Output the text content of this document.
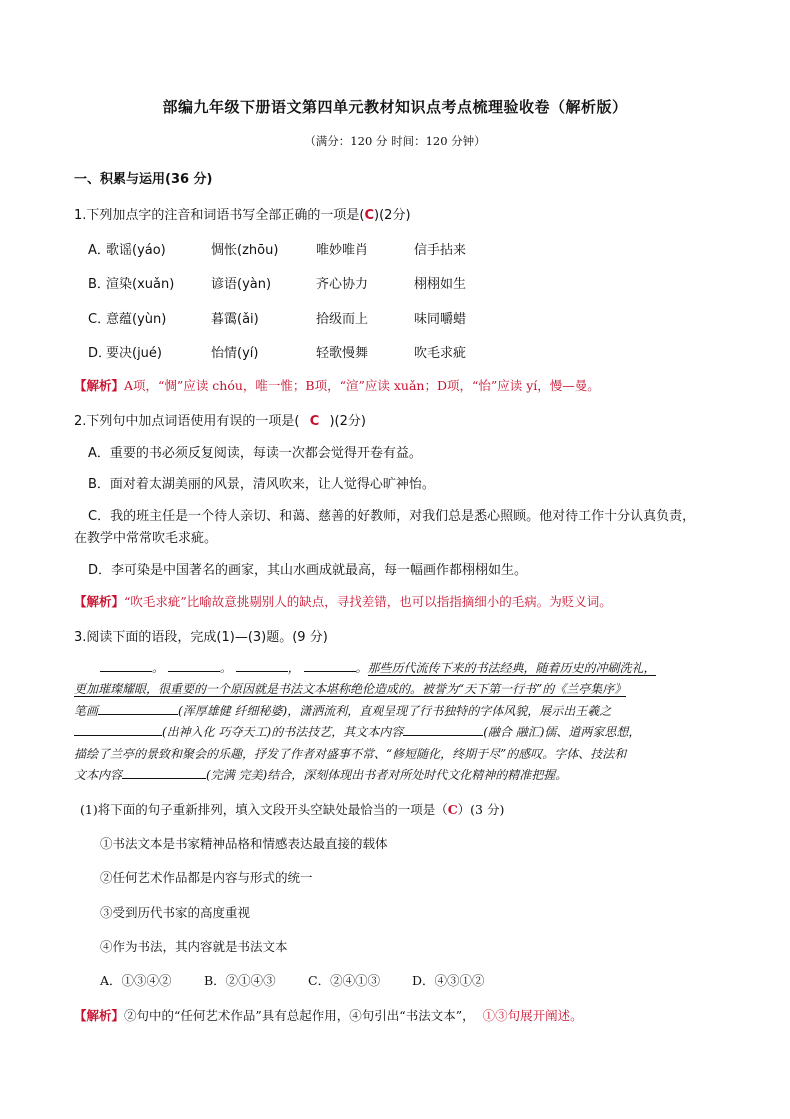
部编九年级下册语文第四单元教材知识点考点梳理验收卷（解析版）
（满分：120 分 时间：120 分钟）
一、积累与运用(36 分)
1.下列加点字的注音和词语书写全部正确的一项是(C)(2分)
A．
歌谣(yáo)	惆怅(zhōu)	唯妙唯肖	信手拈来
B．
渲染(xuǎn)	谚语(yàn)	齐心协力	栩栩如生
C．
意蕴(yùn)	暮霭(ǎi)	拾级而上	味同嚼蜡
D．
要决(jué)	怡情(yí)	轻歌慢舞	吹毛求疵
【解析】A项，“惆”应读 chóu，唯一惟；B项，“渲”应读 xuǎn；D项，“怡”应读 yí，慢—曼。
2.下列句中加点词语使用有误的一项是( C )(2分)
A．重要的书必须反复阅读，每读一次都会觉得开卷有益。
B．面对着太湖美丽的风景，清风吹来，让人觉得心旷神怡。
C．我的班主任是一个待人亲切、和蔼、慈善的好教师，对我们总是悉心照顾。他对待工作十分认真负责，
在教学中常常吹毛求疵。
D．李可染是中国著名的画家，其山水画成就最高，每一幅画作都栩栩如生。
【解析】“吹毛求疵”比喻故意挑剔别人的缺点，寻找差错，也可以指指摘细小的毛病。为贬义词。
3.阅读下面的语段，完成(1)—(3)题。(9 分)
。	。	，	。那些历代流传下来的书法经典，随着历史的冲刷洗礼，
更加璀璨耀眼，很重要的一个原因就是书法文本堪称绝伦造成的。被誉为“天下第一行书”的《兰亭集序》
笔画	(浑厚雄健 纤细秘婆)，潇洒流利，直观呈现了行书独特的字体风貌，展示出王羲之
(出神入化 巧夺天工)的书法技艺，其文本内容	(融合 融汇)儒、道两家思想，
描绘了兰亭的景致和聚会的乐趣，抒发了作者对盛事不常、“修短随化，终期于尽”的感叹。字体、技法和
文本内容	(完满 完美)结合，深刻体现出书者对所处时代文化精神的精准把握。
(1)将下面的句子重新排列，填入文段开头空缺处最恰当的一项是（C）(3 分)
①书法文本是书家精神品格和情感表达最直接的载体
②任何艺术作品都是内容与形式的统一
③受到历代书家的高度重视
④作为书法，其内容就是书法文本
A．①③④②	B．②①④③	C．②④①③	D．④③①②
【解析】②句中的“任何艺术作品”具有总起作用，④句引出“书法文本”， ①③句展开阐述。
